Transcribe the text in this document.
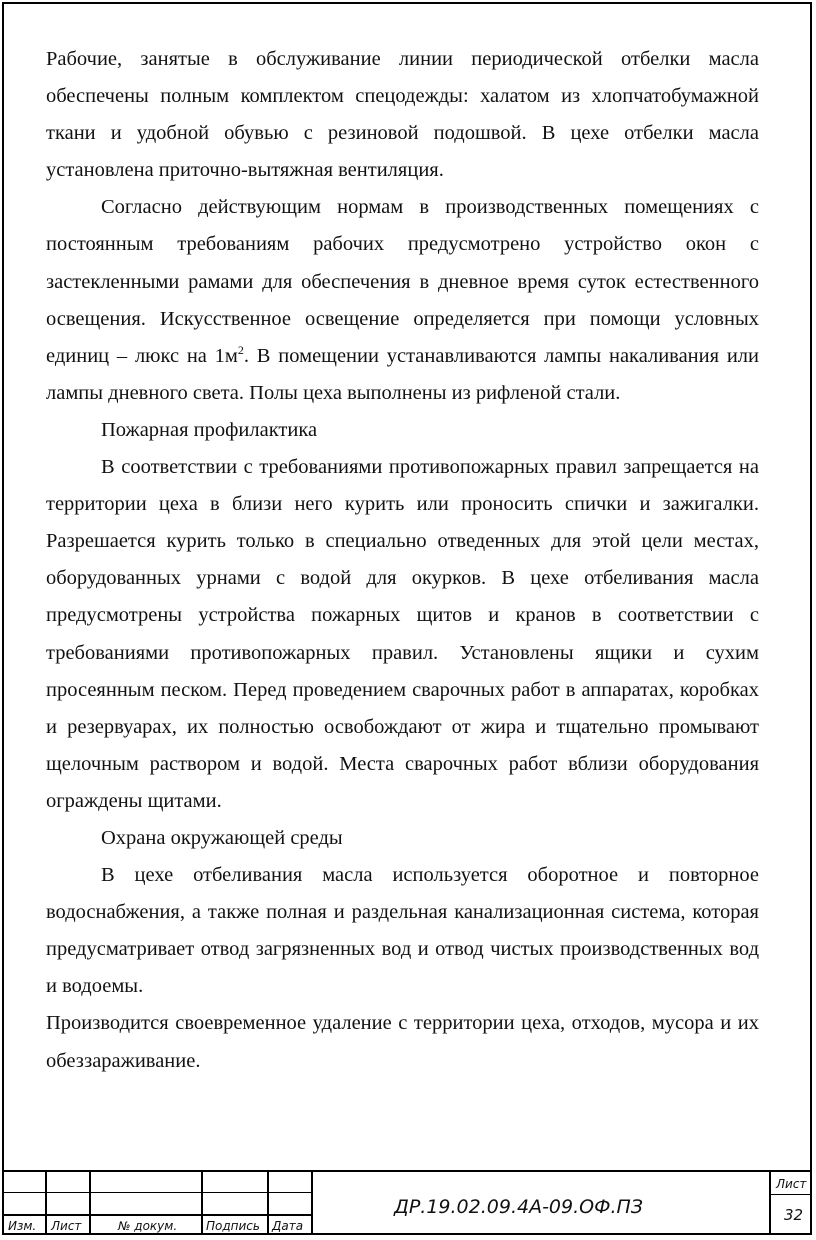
Рабочие, занятые в обслуживание линии периодической отбелки масла обеспечены полным комплектом спецодежды: халатом из хлопчатобумажной ткани и удобной обувью с резиновой подошвой. В цехе отбелки масла установлена приточно-вытяжная вентиляция.

Согласно действующим нормам в производственных помещениях с постоянным требованиям рабочих предусмотрено устройство окон с застекленными рамами для обеспечения в дневное время суток естественного освещения. Искусственное освещение определяется при помощи условных единиц – люкс на $1м^2$. В помещении устанавливаются лампы накаливания или лампы дневного света. Полы цеха выполнены из рифленой стали.

Пожарная профилактика

В соответствии с требованиями противопожарных правил запрещается на территории цеха в близи него курить или проносить спички и зажигалки. Разрешается курить только в специально отведенных для этой цели местах, оборудованных урнами с водой для окурков. В цехе отбеливания масла предусмотрены устройства пожарных щитов и кранов в соответствии с требованиями противопожарных правил. Установлены ящики и сухим просеянным песком. Перед проведением сварочных работ в аппаратах, коробках и резервуарах, их полностью освобождают от жира и тщательно промывают щелочным раствором и водой. Места сварочных работ вблизи оборудования ограждены щитами.

Охрана окружающей среды

В цехе отбеливания масла используется оборотное и повторное водоснабжения, а также полная и раздельная канализационная система, которая предусматривает отвод загрязненных вод и отвод чистых производственных вод и водоемы.

Производится своевременное удаление с территории цеха, отходов, мусора и их обеззараживание.

Изм. Лист	№ докум. Подпись Дата
ДР.19.02.09.4А-09.ОФ.ПЗ
Лист
32
